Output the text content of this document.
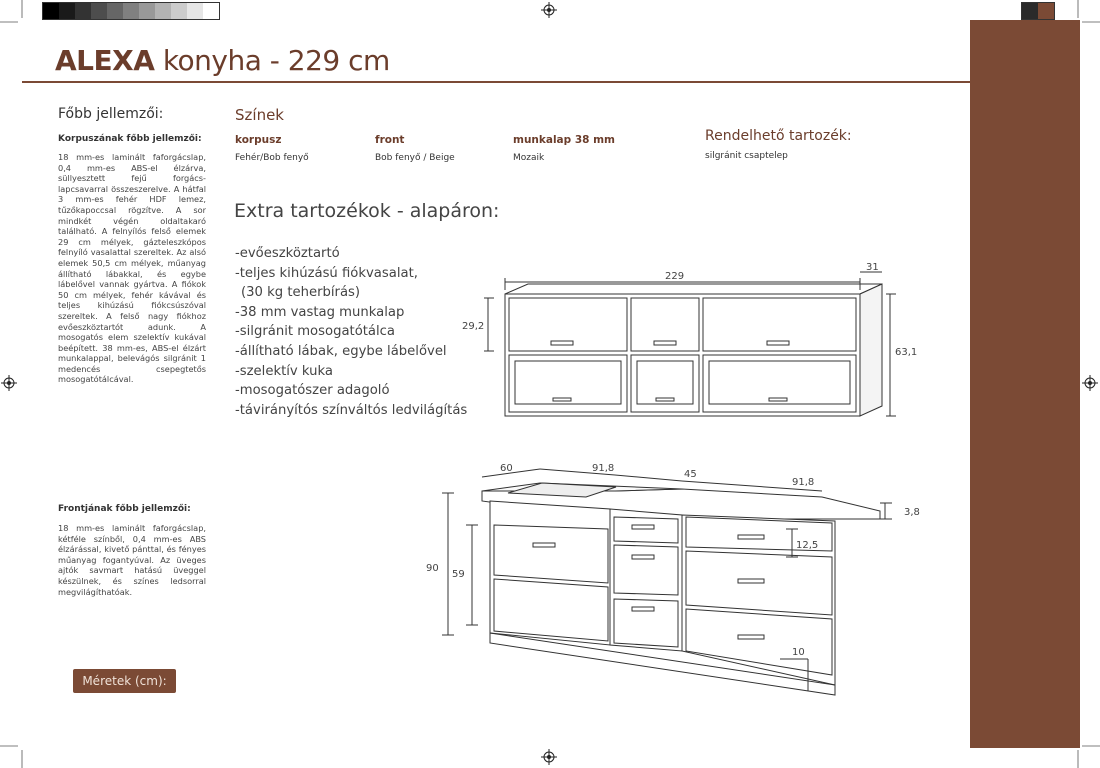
ALEXA konyha - 229 cm
Főbb jellemzői:
Korpuszának főbb jellemzői:
18 mm-es laminált faforgácslap, 0,4 mm-es ABS-el élzárva, süllyesztett fejű forgács-lapcsavarral összeszerelve. A hátfal 3 mm-es fehér HDF lemez, tűzőkapoccsal rögzítve. A sor mindkét végén oldaltakaró található. A felnyílós felső elemek 29 cm mélyek, gázteleszkópos felnyíló vasalattal szereltek. Az alsó elemek 50,5 cm mélyek, műanyag állítható lábakkal, és egybe lábelővel vannak gyártva. A fiókok 50 cm mélyek, fehér kávával és teljes kihúzású fiókcsúszóval szereltek. A felső nagy fiókhoz evőeszköztartót adunk. A mosogatós elem szelektív kukával beépített. 38 mm-es, ABS-el élzárt munkalappal, belevágós silgránit 1 medencés csepegtetős mosogatótálcával.
Frontjának főbb jellemzői:
18 mm-es laminált faforgácslap, kétféle színből, 0,4 mm-es ABS élzárással, kivető pánttal, és fényes műanyag fogantyúval. Az üveges ajtók savmart hatású üveggel készülnek, és színes ledsorral megvilágíthatóak.
Méretek (cm):
Színek
korpusz
Fehér/Bob fenyő
front
Bob fenyő / Beige
munkalap 38 mm
Mozaik
Rendelhető tartozék:
silgránit csaptelep
Extra tartozékok - alapáron:
-evőeszköztartó
-teljes kihúzású fiókvasalat,
(30 kg teherbírás)
-38 mm vastag munkalap
-silgránit mosogatótálca
-állítható lábak, egybe lábelővel
-szelektív kuka
-mosogatószer adagoló
-távirányítós színváltós ledvilágítás
229
31
29,2
63,1
60	91,8
45
91,8
3,8
12,5
90
59
10
